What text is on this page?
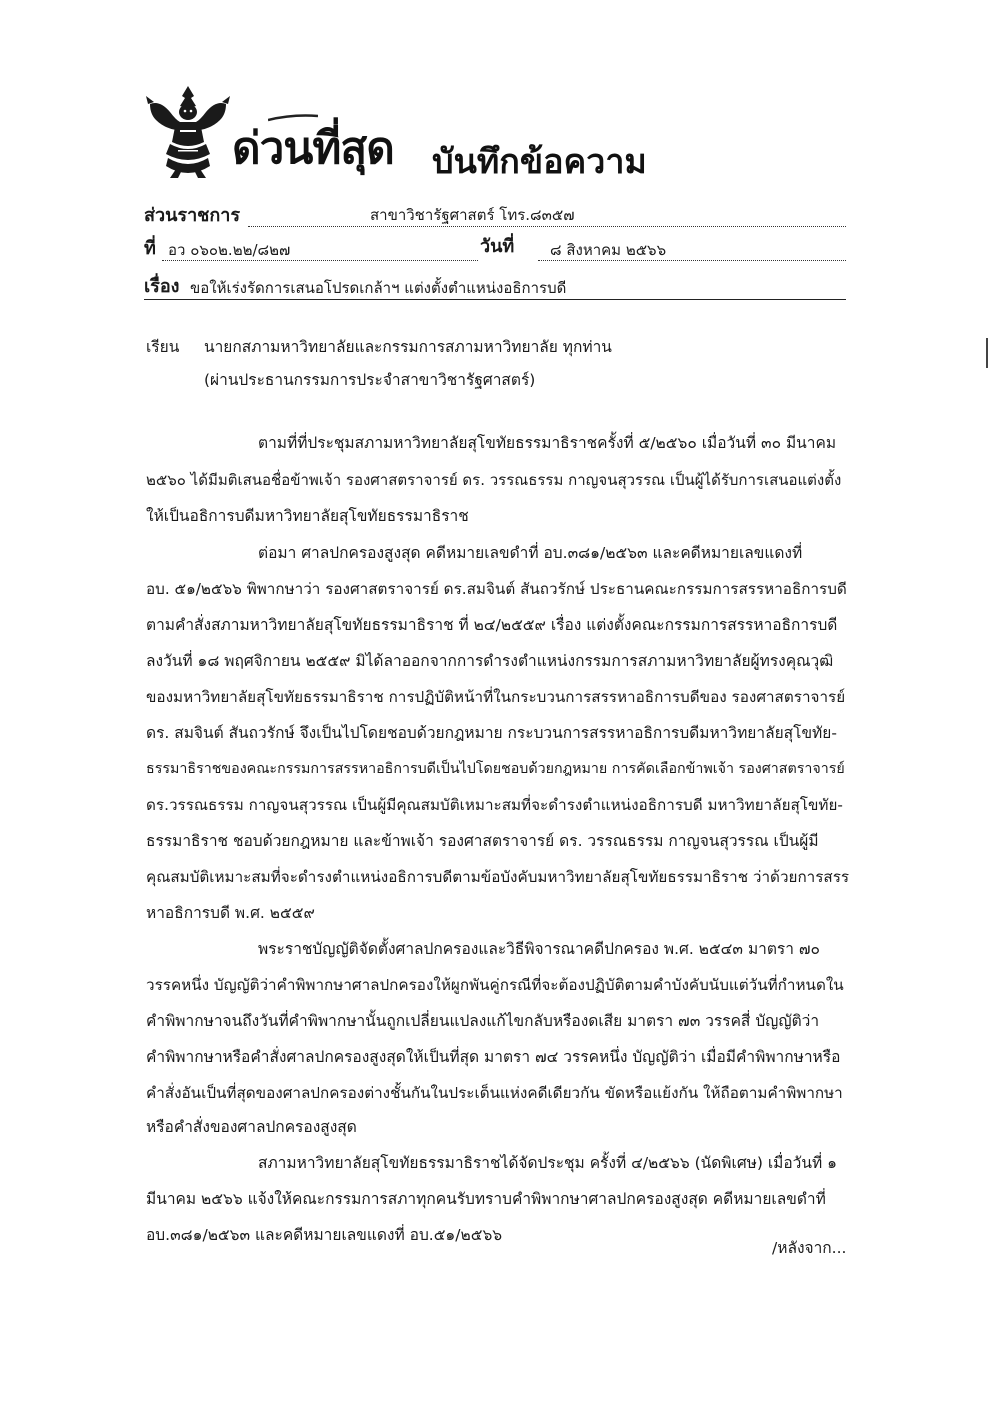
ด่วนที่สุด บันทึกข้อความ
ส่วนราชการ	สาขาวิชารัฐศาสตร์ โทร.๘๓๕๗
ที่ อว ๐๖๐๒.๒๒/๘๒๗	วันที่ ๘ สิงหาคม ๒๕๖๖
เรื่อง ขอให้เร่งรัดการเสนอโปรดเกล้าฯ แต่งตั้งตำแหน่งอธิการบดี
เรียน นายกสภามหาวิทยาลัยและกรรมการสภามหาวิทยาลัย ทุกท่าน
(ผ่านประธานกรรมการประจำสาขาวิชารัฐศาสตร์)
ตามที่ที่ประชุมสภามหาวิทยาลัยสุโขทัยธรรมาธิราชครั้งที่ ๕/๒๕๖๐ เมื่อวันที่ ๓๐ มีนาคม
๒๕๖๐ ได้มีมติเสนอชื่อข้าพเจ้า รองศาสตราจารย์ ดร. วรรณธรรม กาญจนสุวรรณ เป็นผู้ได้รับการเสนอแต่งตั้ง
ให้เป็นอธิการบดีมหาวิทยาลัยสุโขทัยธรรมาธิราช
ต่อมา ศาลปกครองสูงสุด คดีหมายเลขดำที่ อบ.๓๘๑/๒๕๖๓ และคดีหมายเลขแดงที่
อบ. ๕๑/๒๕๖๖ พิพากษาว่า รองศาสตราจารย์ ดร.สมจินต์ สันถวรักษ์ ประธานคณะกรรมการสรรหาอธิการบดี
ตามคำสั่งสภามหาวิทยาลัยสุโขทัยธรรมาธิราช ที่ ๒๔/๒๕๕๙ เรื่อง แต่งตั้งคณะกรรมการสรรหาอธิการบดี
ลงวันที่ ๑๘ พฤศจิกายน ๒๕๕๙ มิได้ลาออกจากการดำรงตำแหน่งกรรมการสภามหาวิทยาลัยผู้ทรงคุณวุฒิ
ของมหาวิทยาลัยสุโขทัยธรรมาธิราช การปฏิบัติหน้าที่ในกระบวนการสรรหาอธิการบดีของ รองศาสตราจารย์
ดร. สมจินต์ สันถวรักษ์ จึงเป็นไปโดยชอบด้วยกฎหมาย กระบวนการสรรหาอธิการบดีมหาวิทยาลัยสุโขทัย-
ธรรมาธิราชของคณะกรรมการสรรหาอธิการบดีเป็นไปโดยชอบด้วยกฎหมาย การคัดเลือกข้าพเจ้า รองศาสตราจารย์
ดร.วรรณธรรม กาญจนสุวรรณ เป็นผู้มีคุณสมบัติเหมาะสมที่จะดำรงตำแหน่งอธิการบดี มหาวิทยาลัยสุโขทัย-
ธรรมาธิราช ชอบด้วยกฎหมาย และข้าพเจ้า รองศาสตราจารย์ ดร. วรรณธรรม กาญจนสุวรรณ เป็นผู้มี
คุณสมบัติเหมาะสมที่จะดำรงตำแหน่งอธิการบดีตามข้อบังคับมหาวิทยาลัยสุโขทัยธรรมาธิราช ว่าด้วยการสรร
หาอธิการบดี พ.ศ. ๒๕๕๙
พระราชบัญญัติจัดตั้งศาลปกครองและวิธีพิจารณาคดีปกครอง พ.ศ. ๒๕๔๓ มาตรา ๗๐
วรรคหนึ่ง บัญญัติว่าคำพิพากษาศาลปกครองให้ผูกพันคู่กรณีที่จะต้องปฏิบัติตามคำบังคับนับแต่วันที่กำหนดใน
คำพิพากษาจนถึงวันที่คำพิพากษานั้นถูกเปลี่ยนแปลงแก้ไขกลับหรืองดเสีย มาตรา ๗๓ วรรคสี่ บัญญัติว่า
คำพิพากษาหรือคำสั่งศาลปกครองสูงสุดให้เป็นที่สุด มาตรา ๗๔ วรรคหนึ่ง บัญญัติว่า เมื่อมีคำพิพากษาหรือ
คำสั่งอันเป็นที่สุดของศาลปกครองต่างชั้นกันในประเด็นแห่งคดีเดียวกัน ขัดหรือแย้งกัน ให้ถือตามคำพิพากษา
หรือคำสั่งของศาลปกครองสูงสุด
สภามหาวิทยาลัยสุโขทัยธรรมาธิราชได้จัดประชุม ครั้งที่ ๔/๒๕๖๖ (นัดพิเศษ) เมื่อวันที่ ๑
มีนาคม ๒๕๖๖ แจ้งให้คณะกรรมการสภาทุกคนรับทราบคำพิพากษาศาลปกครองสูงสุด คดีหมายเลขดำที่
อบ.๓๘๑/๒๕๖๓ และคดีหมายเลขแดงที่ อบ.๕๑/๒๕๖๖
/หลังจาก...
